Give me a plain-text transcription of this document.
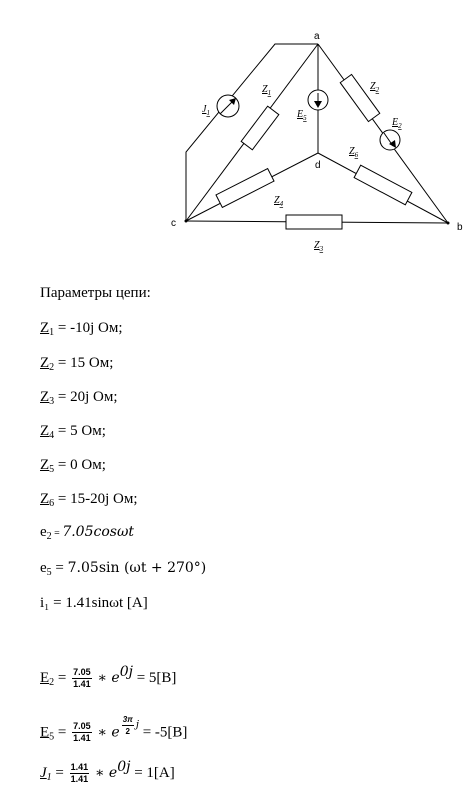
a
b
c
d
$J_1$
$Z_1$
$Z_2$
$E_5$	$E_2$
$Z_6$
$Z_4$
$Z_3$
Параметры цепи:
$Z_1 = -10j$ Ом;
$Z_2 = 15$ Ом;
$Z_3 = 20j$ Ом;
$Z_4 = 5$ Ом;
$Z_5 = 0$ Ом;
$Z_6 = 15-20j$ Ом;
$e_2 = 7.05\cos\omega t$
$e_5 = 7.05\sin$ (ωt + 270°)
i₁ = 1.41sinωt [A]
$E_2 = \frac{7.05}{1.41}$ ∗ $e^{0j} = 5[B]$
$E_5 = \frac{7.05}{1.41}$ ∗ e $\frac{3\pi}{2}$ j = -5[B]
$J_1 = \frac{1.41}{1.41}$ ∗ $e^{0j} = 1[A]$
